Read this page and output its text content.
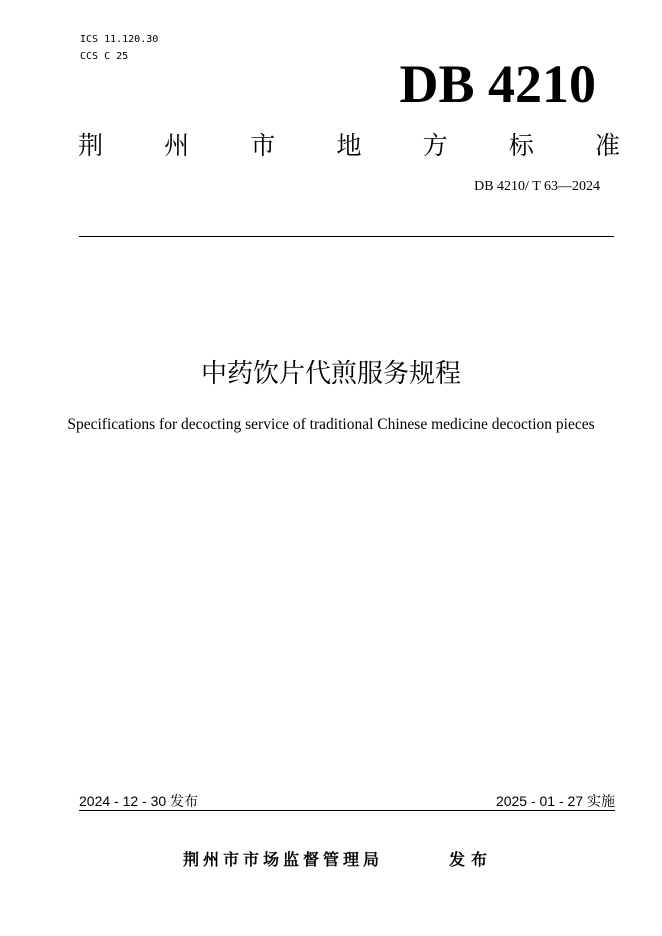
ICS 11.120.30
CCS C 25	DB 4210
荆 州 市 地 方 标 准
DB 4210/ T 63—2024
中药饮片代煎服务规程
Specifications for decocting service of traditional Chinese medicine decoction pieces
2024 - 12 - 30 发布	2025 - 01 - 27 实施
荆州市市场监督管理局	发布
